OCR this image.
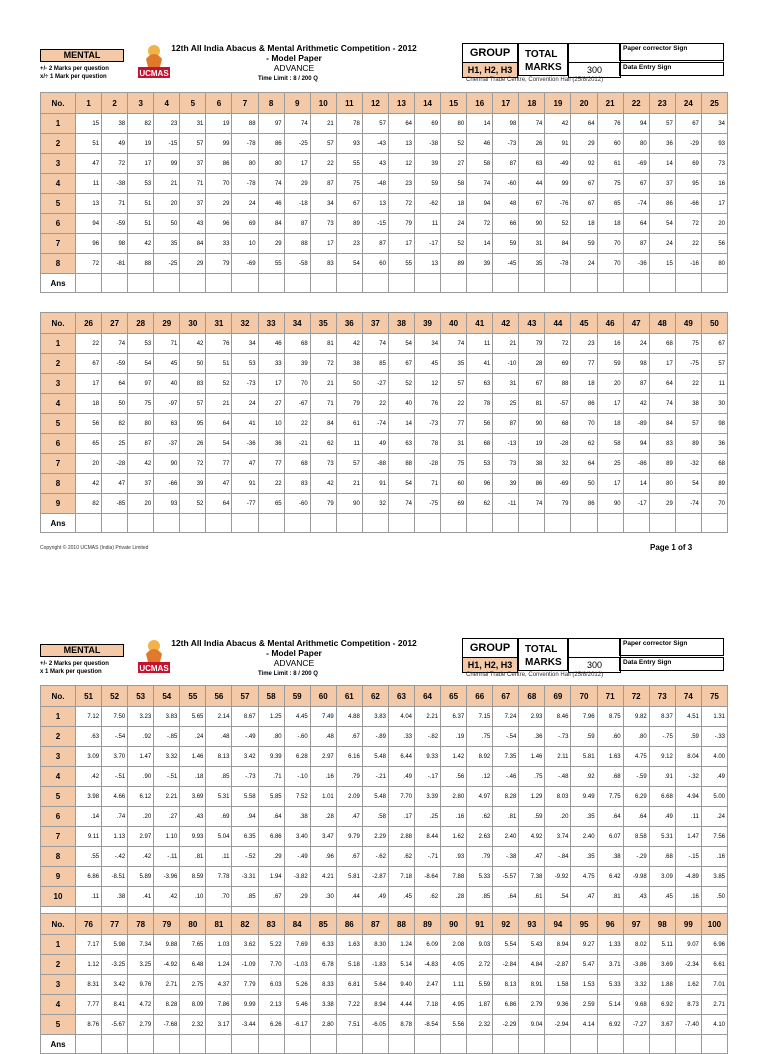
MENTAL
+/- 2 Marks per question
x/÷ 1 Mark per question	UCMAS
12th All India Abacus & Mental Arithmetic Competition - 2012
- Model Paper
ADVANCE
Time Limit : 8 / 200 Q
GROUP
H1, H2, H3
TOTAL
MARKS	300
Paper corrector Sign
Data Entry Sign
Chennai Trade Centre, Convention Hall (25/8/2012)
No.	1	2	3	4	5	6	7	8	9	10	11	12	13	14	15	16	17	18	19	20	21	22	23	24	25
1	15	38	82	23	31	19	88	97	74	21	78	57	64	69	80	14	98	74	42	64	76	94	57	67	34
2	51	49	19	-15	57	99	-78	86	-25	57	93	-43	13	-38	52	46	-73	26	91	29	60	80	36	-29	93
3	47	72	17	99	37	86	80	80	17	22	55	43	12	39	27	58	87	63	-49	92	61	-69	14	69	73
4	11	-38	53	21	71	70	-78	74	29	87	75	-48	23	59	58	74	-60	44	99	67	75	67	37	95	16
5	13	71	51	20	37	29	24	46	-18	34	67	13	72	-62	18	94	48	67	-76	67	65	-74	86	-66	17
6	94	-59	51	50	43	96	69	84	87	73	89	-15	79	11	24	72	66	90	52	18	18	64	54	72	20
7	96	98	42	35	84	33	10	29	88	17	23	87	17	-17	52	14	59	31	84	59	70	87	24	22	56
8	72	-81	88	-25	29	79	-69	55	-58	83	54	60	55	13	89	39	-45	35	-78	24	70	-36	15	-16	80
Ans																									
No.	26	27	28	29	30	31	32	33	34	35	36	37	38	39	40	41	42	43	44	45	46	47	48	49	50
1	22	74	53	71	42	76	34	46	68	81	42	74	54	34	74	11	21	79	72	23	16	24	68	75	67
2	67	-59	54	45	50	51	53	33	39	72	38	85	67	45	35	41	-10	28	69	77	59	98	17	-75	57
3	17	64	97	40	83	52	-73	17	70	21	50	-27	52	12	57	63	31	67	88	18	20	87	64	22	11
4	18	50	75	-97	57	21	24	27	-67	71	79	22	40	76	22	78	25	81	-57	86	17	42	74	38	30
5	56	82	80	63	95	64	41	10	22	84	61	-74	14	-73	77	56	87	90	68	70	18	-89	84	57	98
6	65	25	87	-37	26	54	-36	36	-21	62	11	49	63	78	31	68	-13	19	-28	62	58	94	83	89	36
7	20	-28	42	90	72	77	47	77	68	73	57	-88	88	-28	75	53	73	38	32	64	25	-86	89	-32	68
8	42	47	37	-66	39	47	91	22	83	42	21	91	54	71	60	96	39	86	-69	50	17	14	80	54	89
9	82	-85	20	93	52	64	-77	65	-60	79	90	32	74	-75	69	62	-11	74	79	86	90	-17	29	-74	70
Ans																									
Copyright © 2010 UCMAS (India) Private Limited	Page 1 of 3
MENTAL
+/- 2 Marks per question
x 1 Mark per question	UCMAS
12th All India Abacus & Mental Arithmetic Competition - 2012
- Model Paper
ADVANCE
Time Limit : 8 / 200 Q
GROUP
H1, H2, H3
TOTAL
MARKS	300
Paper corrector Sign
Data Entry Sign
Chennai Trade Centre, Convention Hall (25/8/2012)
No.	51	52	53	54	55	56	57	58	59	60	61	62	63	64	65	66	67	68	69	70	71	72	73	74	75
1	7.12	7.50	3.23	3.83	5.65	2.14	8.67	1.25	4.45	7.49	4.88	3.83	4.04	2.21	6.37	7.15	7.24	2.93	8.46	7.96	8.75	9.82	8.37	4.51	1.31
2	.63	-.54	.92	-.85	.24	.48	-.49	.80	-.60	.48	.67	-.89	.33	-.82	.19	.75	-.54	.36	-.73	.59	.60	.80	-.75	.59	-.33
3	3.09	3.70	1.47	3.32	1.46	8.13	3.42	9.39	6.28	2.97	6.16	5.48	6.44	9.33	1.42	8.92	7.35	1.46	2.11	5.81	1.63	4.75	9.12	8.04	4.00
4	.42	-.51	.90	-.51	.18	.85	-.73	.71	-.10	.16	.79	-.21	.49	-.17	.56	.12	-.46	.75	-.48	.92	.68	-.59	.91	-.32	.49
5	3.98	4.66	6.12	2.21	3.69	5.31	5.58	5.85	7.52	1.01	2.09	5.48	7.70	3.39	2.80	4.97	8.28	1.29	8.03	9.49	7.75	6.29	6.68	4.94	5.00
6	.14	.74	.20	.27	.43	.69	.94	.64	.38	.28	.47	.58	.17	.25	.16	.62	.81	.59	.20	.35	.64	.64	.49	.11	.24
7	9.11	1.13	2.97	1.10	9.93	5.04	6.35	6.86	3.40	3.47	9.79	2.29	2.88	8.44	1.62	2.63	2.40	4.92	3.74	2.40	6.07	8.58	5.31	1.47	7.56
8	.55	-.42	.42	-.11	.81	.11	-.52	.29	-.49	.96	.67	-.62	.62	-.71	.93	.79	-.38	.47	-.84	.35	.38	-.29	.68	-.15	.16
9	6.86	-8.51	5.89	-3.96	8.59	7.78	-3.31	1.94	-3.82	4.21	5.81	-2.87	7.18	-8.64	7.88	5.33	-5.57	7.38	-9.92	4.75	6.42	-9.98	3.09	-4.89	3.85
10	.11	.38	.41	.42	.10	.70	.85	.67	.29	.30	.44	.49	.45	.62	.28	.85	.64	.61	.54	.47	.81	.43	.45	.16	.50

No.	76	77	78	79	80	81	82	83	84	85	86	87	88	89	90	91	92	93	94	95	96	97	98	99	100
1	7.17	5.98	7.34	9.88	7.65	1.03	3.62	5.22	7.69	6.33	1.63	8.30	1.24	6.09	2.08	9.03	5.54	5.43	8.94	9.27	1.33	8.02	5.11	9.07	6.96
2	1.12	-3.25	3.25	-4.92	6.48	1.24	-1.09	7.70	-1.03	6.78	5.18	-1.83	5.14	-4.83	4.05	2.72	-2.84	4.84	-2.87	5.47	3.71	-3.86	3.69	-2.34	6.61
3	8.31	3.42	9.76	2.71	2.75	4.37	7.79	6.03	5.26	8.33	6.81	5.64	9.40	2.47	1.11	5.59	8.13	8.91	1.58	1.53	5.33	3.32	1.88	1.62	7.01
4	7.77	8.41	4.72	8.28	8.09	7.86	9.99	2.13	5.46	3.38	7.22	8.94	4.44	7.18	4.95	1.87	6.86	2.79	9.36	2.59	5.14	9.68	6.92	8.73	2.71
5	8.76	-5.67	2.79	-7.68	2.32	3.17	-3.44	6.26	-6.17	2.80	7.51	-6.05	8.78	-8.54	5.56	2.32	-2.29	9.04	-2.94	4.14	6.92	-7.27	3.67	-7.40	4.10
Ans																									
